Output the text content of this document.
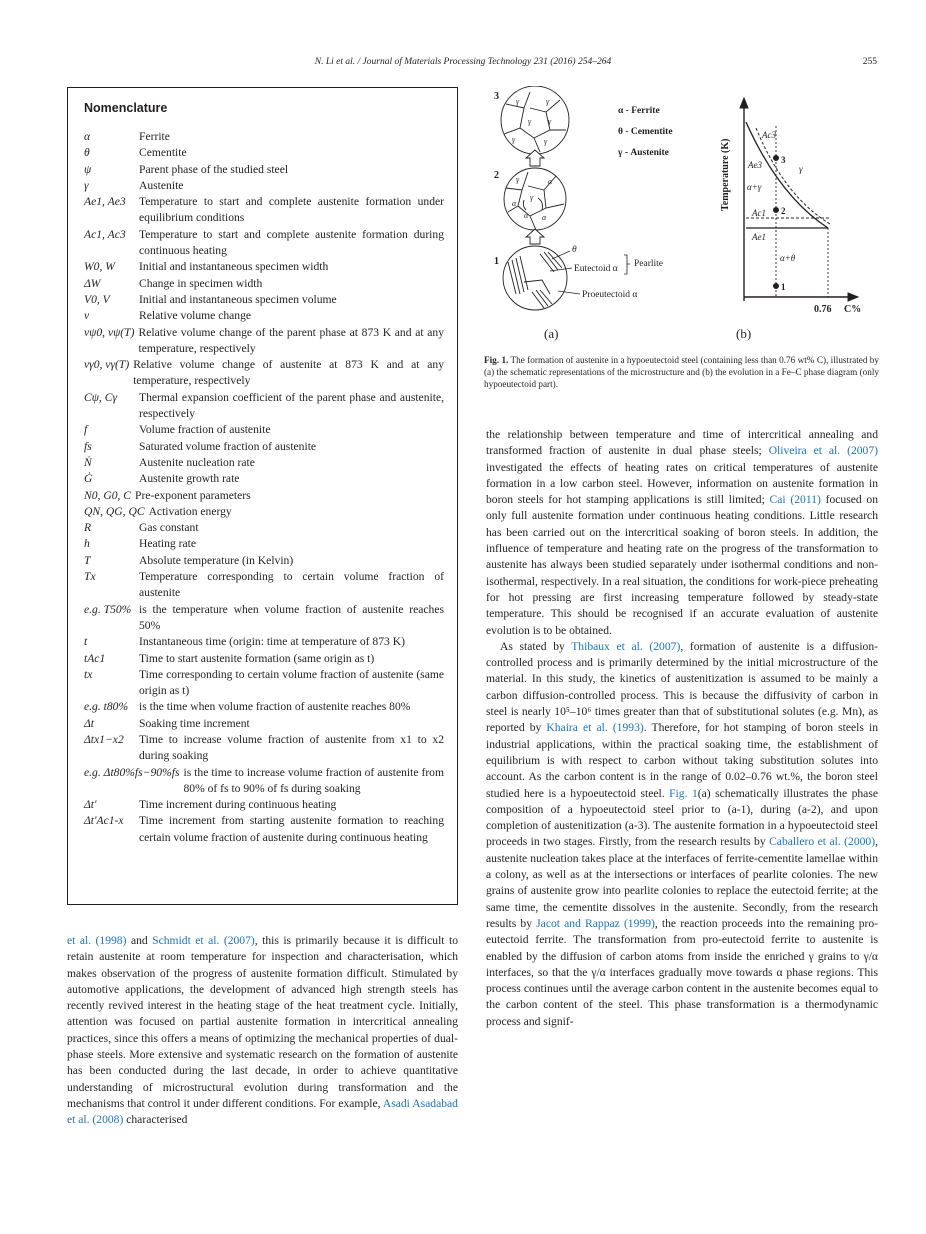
N. Li et al. / Journal of Materials Processing Technology 231 (2016) 254–264	255
Nomenclature
α	Ferrite
θ	Cementite
ψ	Parent phase of the studied steel
γ	Austenite
Ae1, Ae3	Temperature to start and complete austenite formation under equilibrium conditions
Ac1, Ac3	Temperature to start and complete austenite formation during continuous heating
W0, W	Initial and instantaneous specimen width
ΔW	Change in specimen width
V0, V	Initial and instantaneous specimen volume
v	Relative volume change
vψ0, vψ(T) Relative volume change of the parent phase at 873 K and at any temperature, respectively
vγ0, vγ(T) Relative volume change of austenite at 873 K and at any temperature, respectively
Cψ, Cγ	Thermal expansion coefficient of the parent phase and austenite, respectively
f	Volume fraction of austenite
fs	Saturated volume fraction of austenite
Ṅ	Austenite nucleation rate
Ġ	Austenite growth rate
N0, G0, C Pre-exponent parameters
QN, QG, QC Activation energy
R	Gas constant
h	Heating rate
T	Absolute temperature (in Kelvin)
Tx	Temperature corresponding to certain volume fraction of austenite
e.g. T50% is the temperature when volume fraction of austenite reaches 50%
t	Instantaneous time (origin: time at temperature of 873 K)
tAc1	Time to start austenite formation (same origin as t)
tx	Time corresponding to certain volume fraction of austenite (same origin as t)
e.g. t80% is the time when volume fraction of austenite reaches 80%
Δt	Soaking time increment
Δtx1−x2	Time to increase volume fraction of austenite from x1 to x2 during soaking
e.g. Δt80%fs−90%fs is the time to increase volume fraction of austenite from 80% of fs to 90% of fs during soaking
Δt'	Time increment during continuous heating
Δt'Ac1-x	Time increment from starting austenite formation to reaching certain volume fraction of austenite during continuous heating

et al. (1998) and Schmidt et al. (2007), this is primarily because it is difficult to retain austenite at room temperature for inspection and characterisation, which makes observation of the progress of austenite formation difficult. Stimulated by automotive applications, the development of advanced high strength steels has recently revived interest in the heating stage of the heat treatment cycle. Initially, attention was focused on partial austenite formation in intercritical annealing practices, since this offers a means of optimizing the mechanical properties of dual-phase steels. More extensive and systematic research on the formation of austenite has been conducted during the last decade, in order to achieve quantitative understanding of microstructural evolution during transformation and the mechanisms that control it under different conditions. For example, Asadi Asadabad et al. (2008) characterised

3
2
1
γ	γ
γ γ
γ	γ
γ	α
γ
α
α
α
θ
Eutectoid α Pearlite
Proeutectoid α
α - Ferrite
θ - Cementite
γ - Austenite
(a)	(b)
Temperature (K)
C%
0.76
Ac3
Ae3
Ac1
Ae1
γ
α+γ
α+θ
3
2
1
Fig. 1. The formation of austenite in a hypoeutectoid steel (containing less than 0.76 wt% C), illustrated by (a) the schematic representations of the microstructure and (b) the evolution in a Fe–C phase diagram (only hypoeutectoid part).

the relationship between temperature and time of intercritical annealing and transformed fraction of austenite in dual phase steels; Oliveira et al. (2007) investigated the effects of heating rates on critical temperatures of austenite formation in a low carbon steel. However, information on austenite formation in boron steels for hot stamping applications is still limited; Cai (2011) focused on only full austenite formation under continuous heating conditions. Little research has been carried out on the intercritical soaking of boron steels. In addition, the influence of temperature and heating rate on the progress of the transformation to austenite has always been studied separately under isothermal conditions and non-isothermal, respectively. In a real situation, the conditions for work-piece preheating for hot pressing are first increasing temperature followed by steady-state temperature. This should be recognised if an accurate evaluation of austenite evolution is to be obtained.

As stated by Thibaux et al. (2007), formation of austenite is a diffusion-controlled process and is primarily determined by the initial microstructure of the material. In this study, the kinetics of austenitization is assumed to be mainly a carbon diffusion-controlled process. This is because the diffusivity of carbon in steel is nearly 10⁵–10⁶ times greater than that of substitutional solutes (e.g. Mn), as reported by Khaira et al. (1993). Therefore, for hot stamping of boron steels in industrial applications, within the practical soaking time, the establishment of equilibrium is with respect to carbon without taking substitution solutes into account. As the carbon content is in the range of 0.02–0.76 wt.%, the boron steel studied here is a hypoeutectoid steel. Fig. 1(a) schematically illustrates the phase composition of a hypoeutectoid steel prior to (a-1), during (a-2), and upon completion of austenitization (a-3). The austenite formation in a hypoeutectoid steel proceeds in two stages. Firstly, from the research results by Caballero et al. (2000), austenite nucleation takes place at the interfaces of ferrite-cementite lamellae within a colony, as well as at the intersections or interfaces of pearlite colonies. The new grains of austenite grow into pearlite colonies to replace the eutectoid ferrite; at the same time, the cementite dissolves in the austenite. Secondly, from the research results by Jacot and Rappaz (1999), the reaction proceeds into the remaining pro-eutectoid ferrite. The transformation from pro-eutectoid ferrite to austenite is enabled by the diffusion of carbon atoms from inside the enriched γ grains to γ/α interfaces, so that the γ/α interfaces gradually move towards α phase regions. This process continues until the average carbon content in the austenite becomes equal to the carbon content of the steel. This phase transformation is a thermodynamic process and signif-
